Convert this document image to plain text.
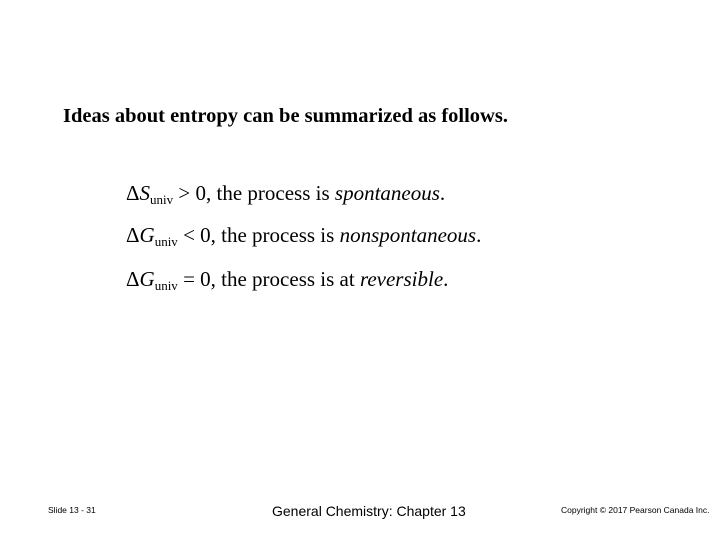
Ideas about entropy can be summarized as follows.
$\Delta S_{univ} > 0$, the process is spontaneous.
$\Delta G_{univ} < 0$, the process is nonspontaneous.
$\Delta G_{univ} = 0$, the process is at reversible.
Slide 13 - 31	General Chemistry: Chapter 13	Copyright © 2017 Pearson Canada Inc.
